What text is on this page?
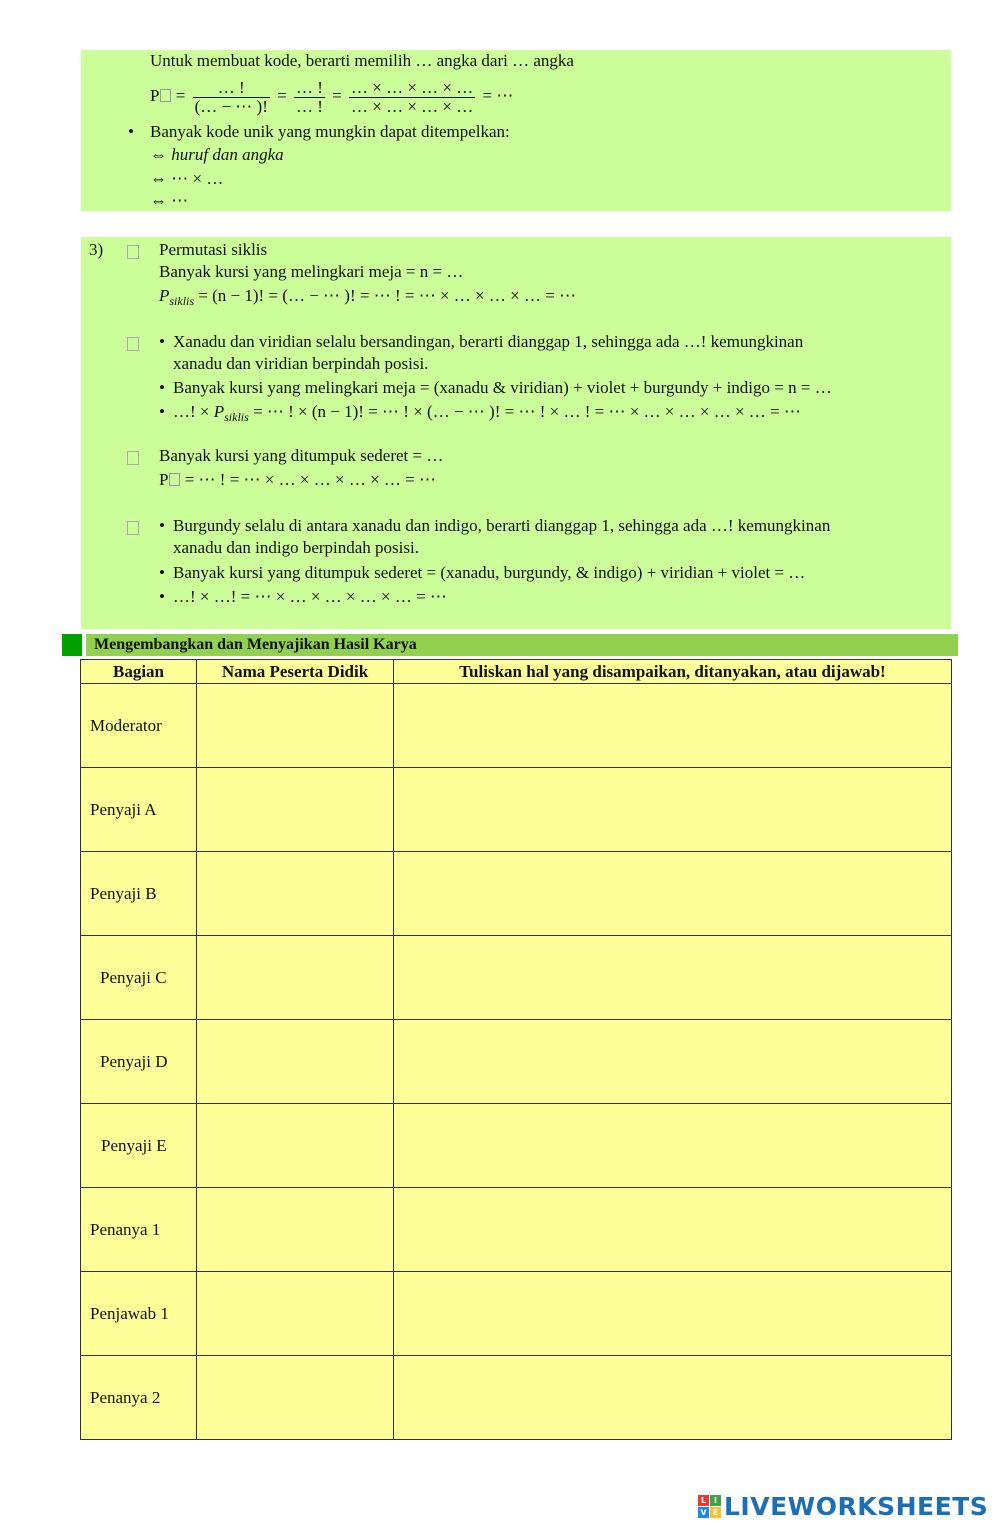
Untuk membuat kode, berarti memilih … angka dari … angka
$P = \frac{\dots !}{(\dots - \cdots )!} = \frac{\dots !}{\dots !} = \frac{\dots \times \dots \times \dots \times \dots}{\dots \times \dots \times \dots \times \dots}$ = ⋯
• Banyak kode unik yang mungkin dapat ditempelkan:
⇔ huruf dan angka
⇔ ⋯ × …
⇔ ⋯
3)	Permutasi siklis
Banyak kursi yang melingkari meja = n = …
$P_{siklis} = (n - 1)$! = (… − ⋯ )! = ⋯ ! = ⋯ × … × … × … = ⋯
• Xanadu dan viridian selalu bersandingan, berarti dianggap 1, sehingga ada …! kemungkinan
xanadu dan viridian berpindah posisi.
• Banyak kursi yang melingkari meja = (xanadu & viridian) + violet + burgundy + indigo = n = …
• …! × $P_{siklis}$ = ⋯ ! × (n − 1)! = ⋯ ! × (… − ⋯ )! = ⋯ ! × … ! = ⋯ × … × … × … × … = ⋯
Banyak kursi yang ditumpuk sederet = …
P = ⋯ ! = ⋯ × … × … × … × … = ⋯
• Burgundy selalu di antara xanadu dan indigo, berarti dianggap 1, sehingga ada …! kemungkinan
xanadu dan indigo berpindah posisi.
• Banyak kursi yang ditumpuk sederet = (xanadu, burgundy, & indigo) + viridian + violet = …
• …! × …! = ⋯ × … × … × … × … = ⋯
Mengembangkan dan Menyajikan Hasil Karya
Bagian	Nama Peserta Didik	Tuliskan hal yang disampaikan, ditanyakan, atau dijawab!
Moderator		
Penyaji A		
Penyaji B		
Penyaji C		
Penyaji D		
Penyaji E		
Penanya 1		
Penjawab 1		
Penanya 2		
L I
V E LIVEWORKSHEETS
